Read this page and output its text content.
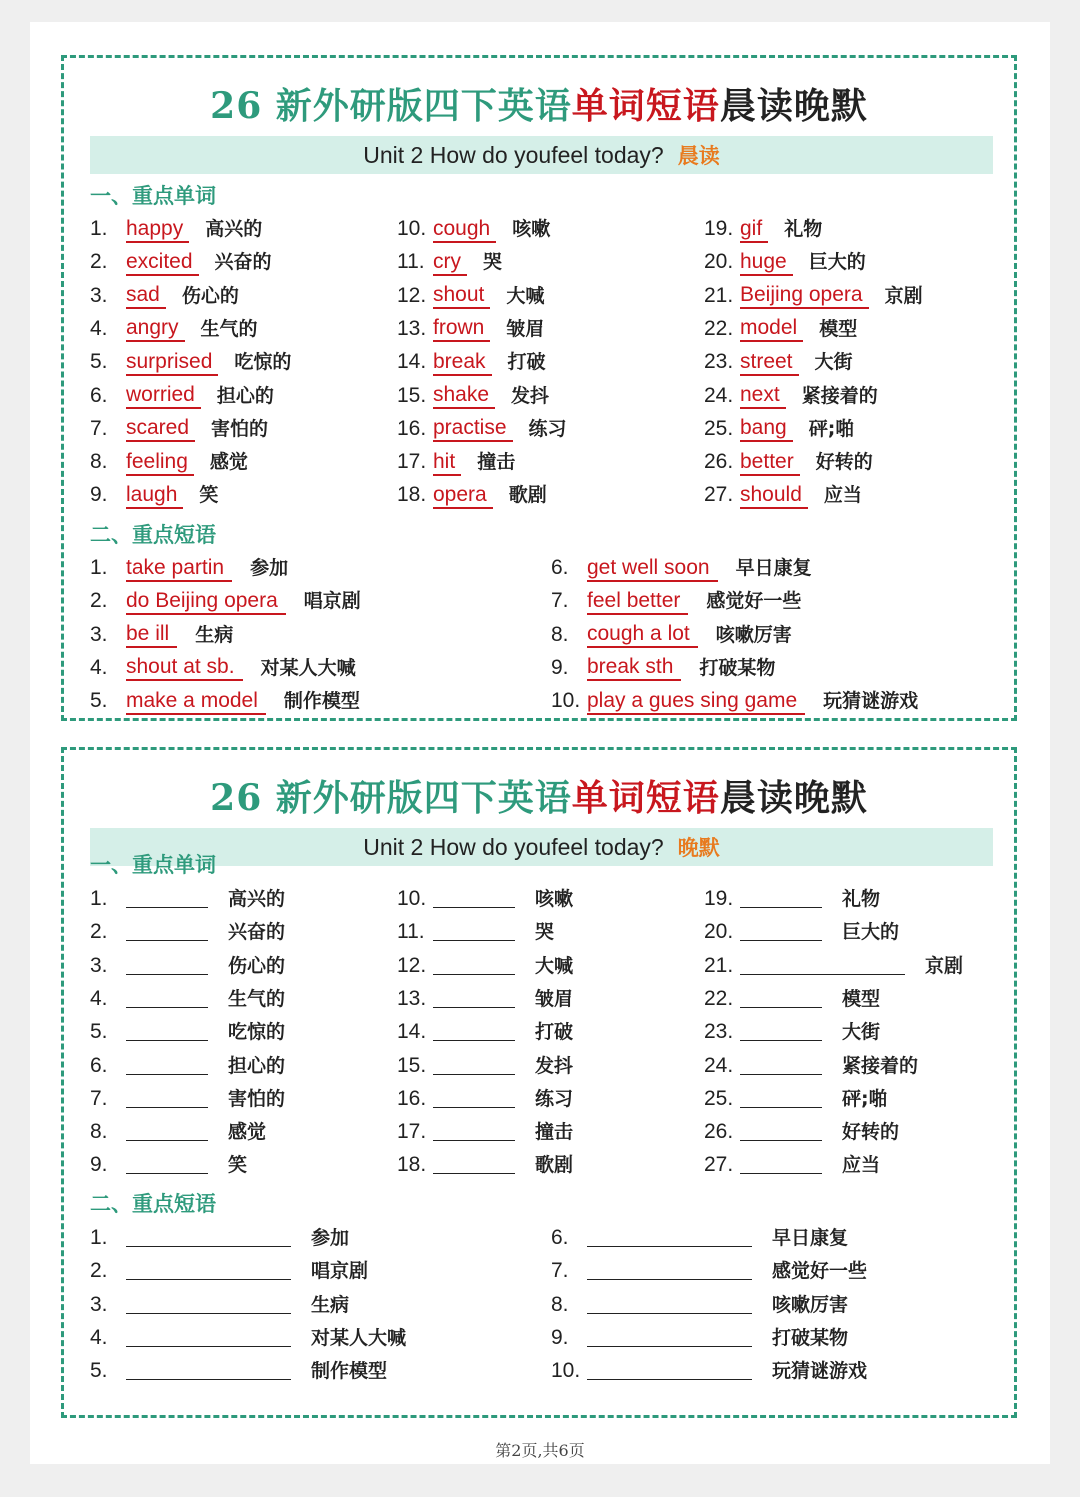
26 新外研版四下英语单词短语晨读晚默
Unit 2 How do youfeel today? 晨读
一、重点单词
1. happy 高兴的
2. excited 兴奋的
3. sad 伤心的
4. angry 生气的
5. surprised 吃惊的
6. worried 担心的
7. scared 害怕的
8. feeling 感觉
9. laugh 笑
10. cough 咳嗽
11. cry 哭
12. shout 大喊
13. frown 皱眉
14. break 打破
15. shake 发抖
16. practise 练习
17. hit 撞击
18. opera 歌剧
19. gif 礼物
20. huge 巨大的
21. Beijing opera 京剧
22. model 模型
23. street 大街
24. next 紧接着的
25. bang 砰;啪
26. better 好转的
27. should 应当
二、重点短语
1. take partin 参加
2. do Beijing opera 唱京剧
3. be ill 生病
4. shout at sb. 对某人大喊
5. make a model 制作模型
6. get well soon 早日康复
7. feel better 感觉好一些
8. cough a lot 咳嗽厉害
9. break sth 打破某物
10. play a gues sing game 玩猜谜游戏
26 新外研版四下英语单词短语晨读晚默
Unit 2 How do youfeel today? 晚默
一、重点单词
1.	高兴的
2.	兴奋的
3.	伤心的
4.	生气的
5.	吃惊的
6.	担心的
7.	害怕的
8.	感觉
9.	笑
10.	咳嗽
11.	哭
12.	大喊
13.	皱眉
14.	打破
15.	发抖
16.	练习
17.	撞击
18.	歌剧
19.	礼物
20.	巨大的
21.	京剧
22.	模型
23.	大街
24.	紧接着的
25.	砰;啪
26.	好转的
27.	应当
二、重点短语
1.	参加
2.	唱京剧
3.	生病
4.	对某人大喊
5.	制作模型
6.	早日康复
7.	感觉好一些
8.	咳嗽厉害
9.	打破某物
10.	玩猜谜游戏
第2页,共6页
